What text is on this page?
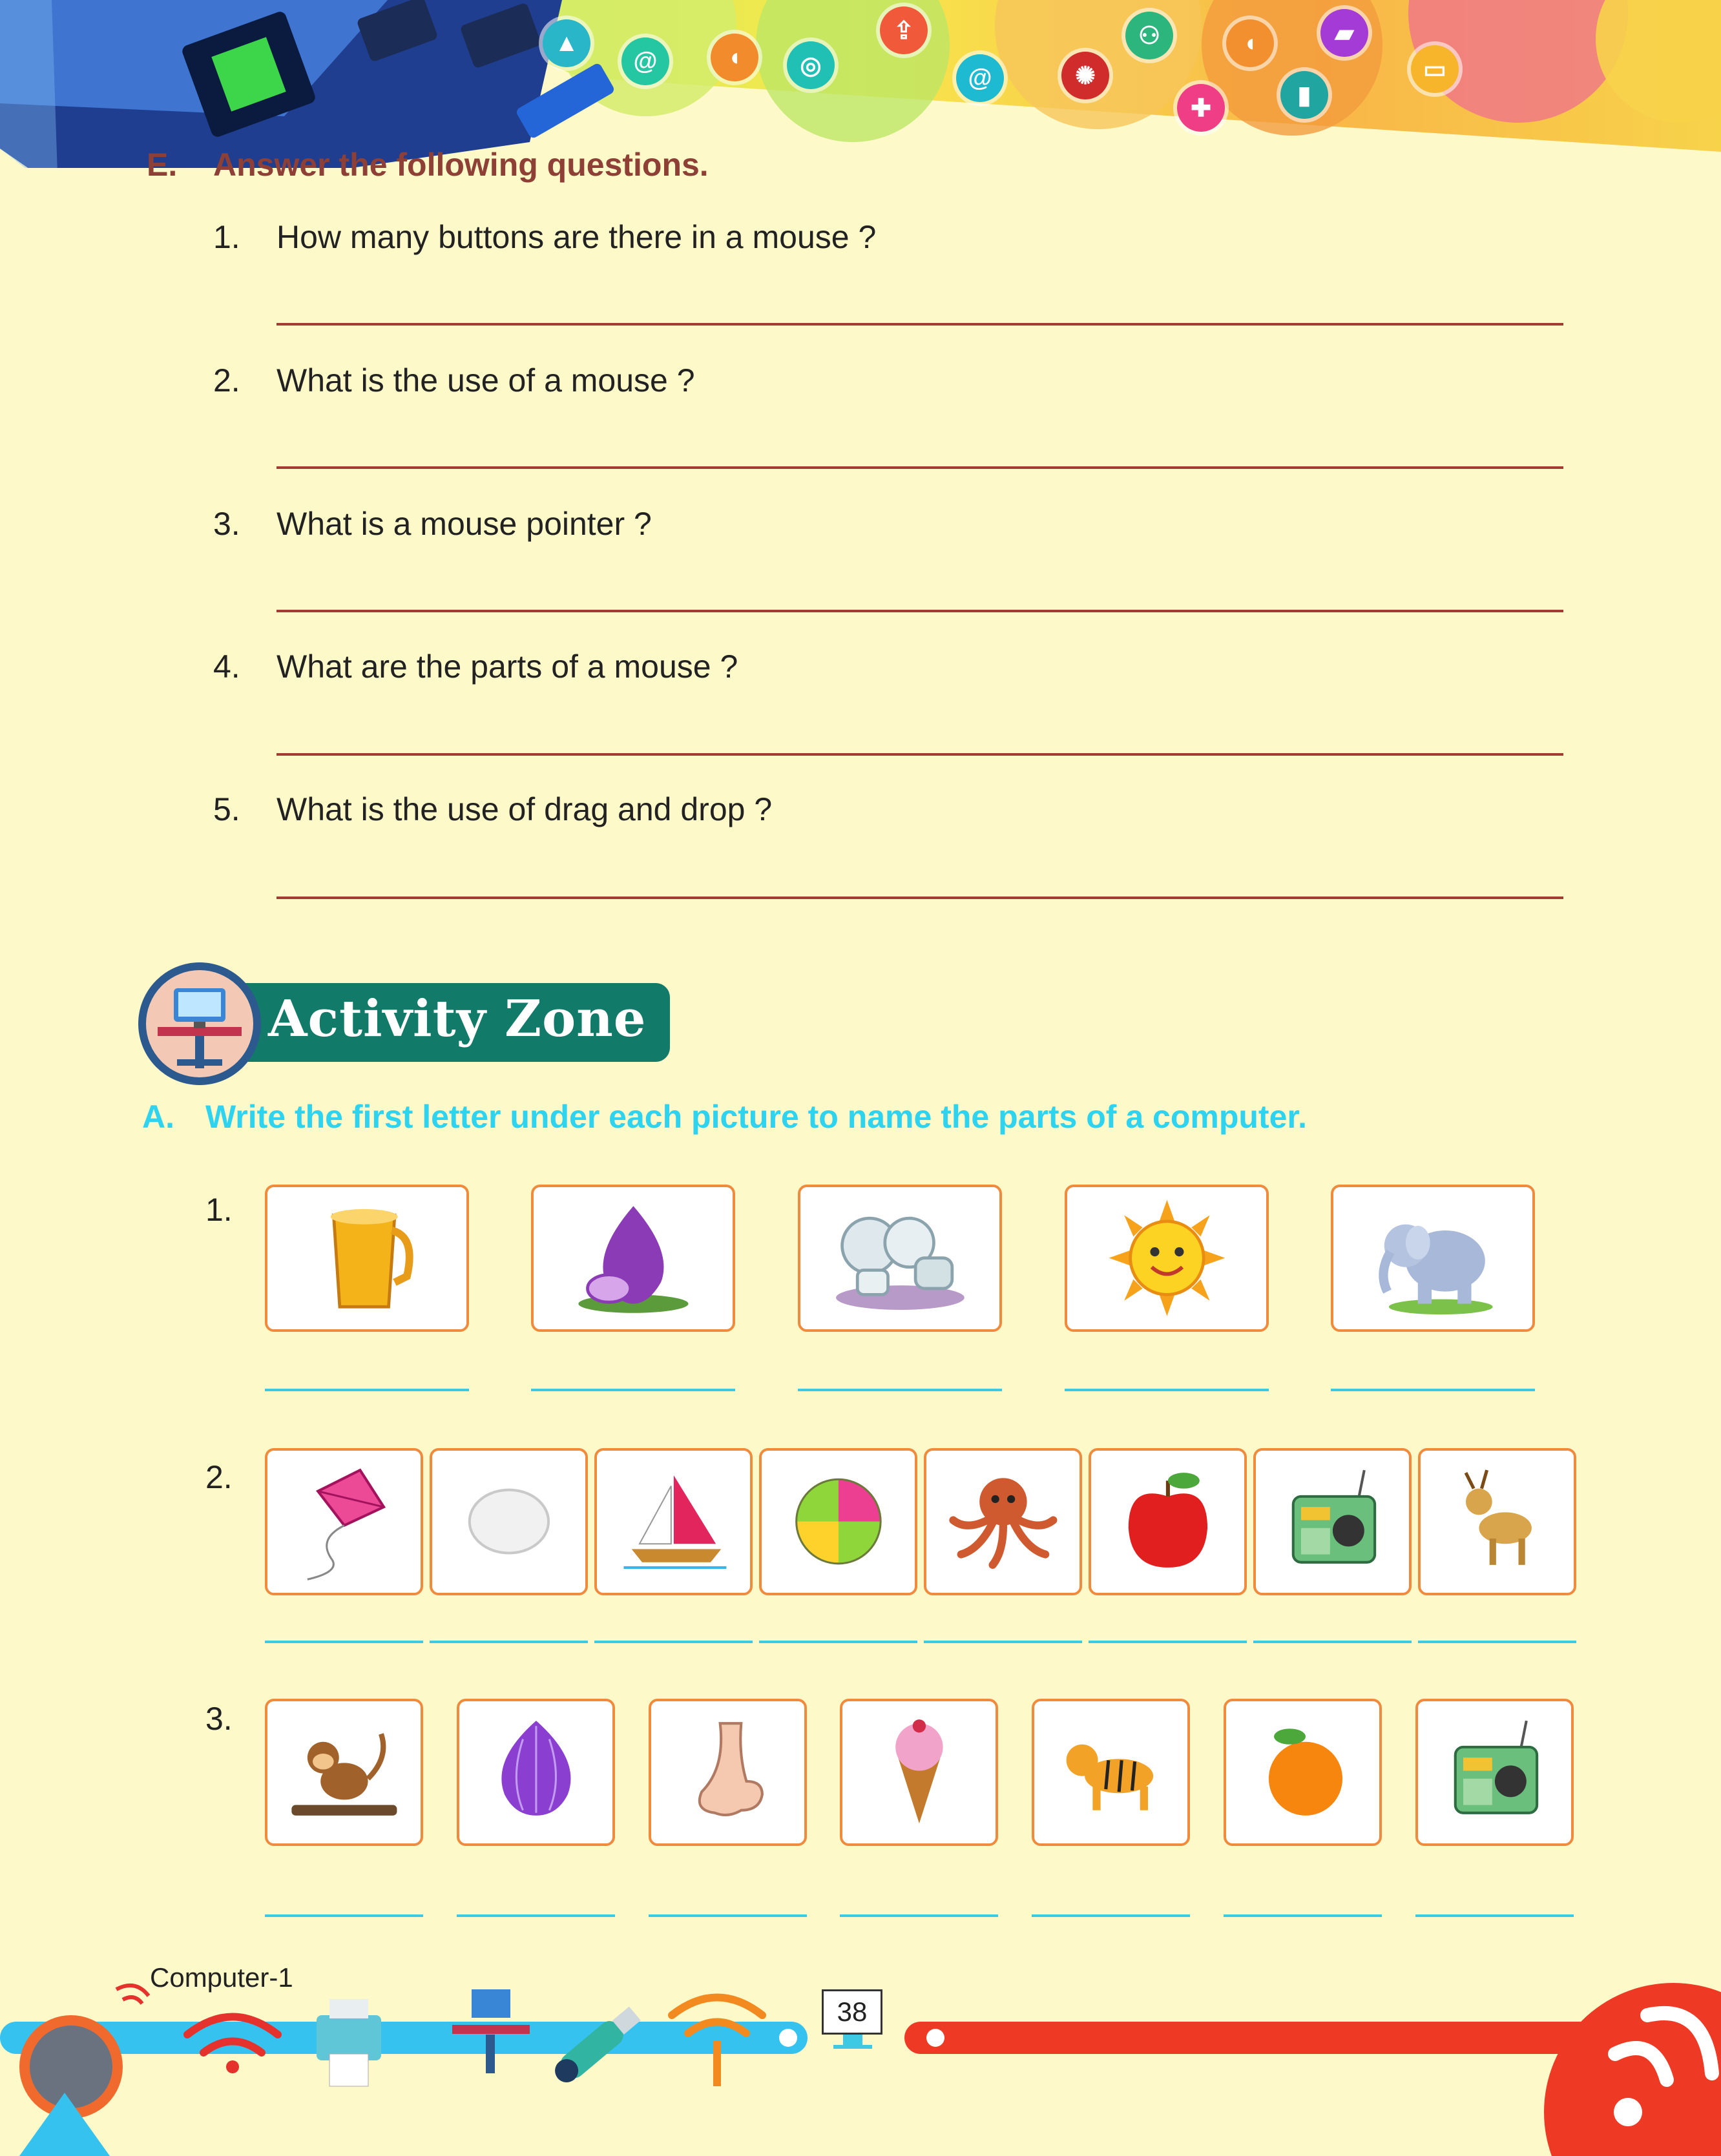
▲
@	◖	◎
⇪
@	✺
⚇	◖	▰
✚	▮
▭
E. Answer the following questions.
1. How many buttons are there in a mouse ?
2. What is the use of a mouse ?
3. What is a mouse pointer ?
4. What are the parts of a mouse ?
5. What is the use of drag and drop ?
Activity Zone
A. Write the first letter under each picture to name the parts of a computer.
1.
2.
3.
Computer-1
38
